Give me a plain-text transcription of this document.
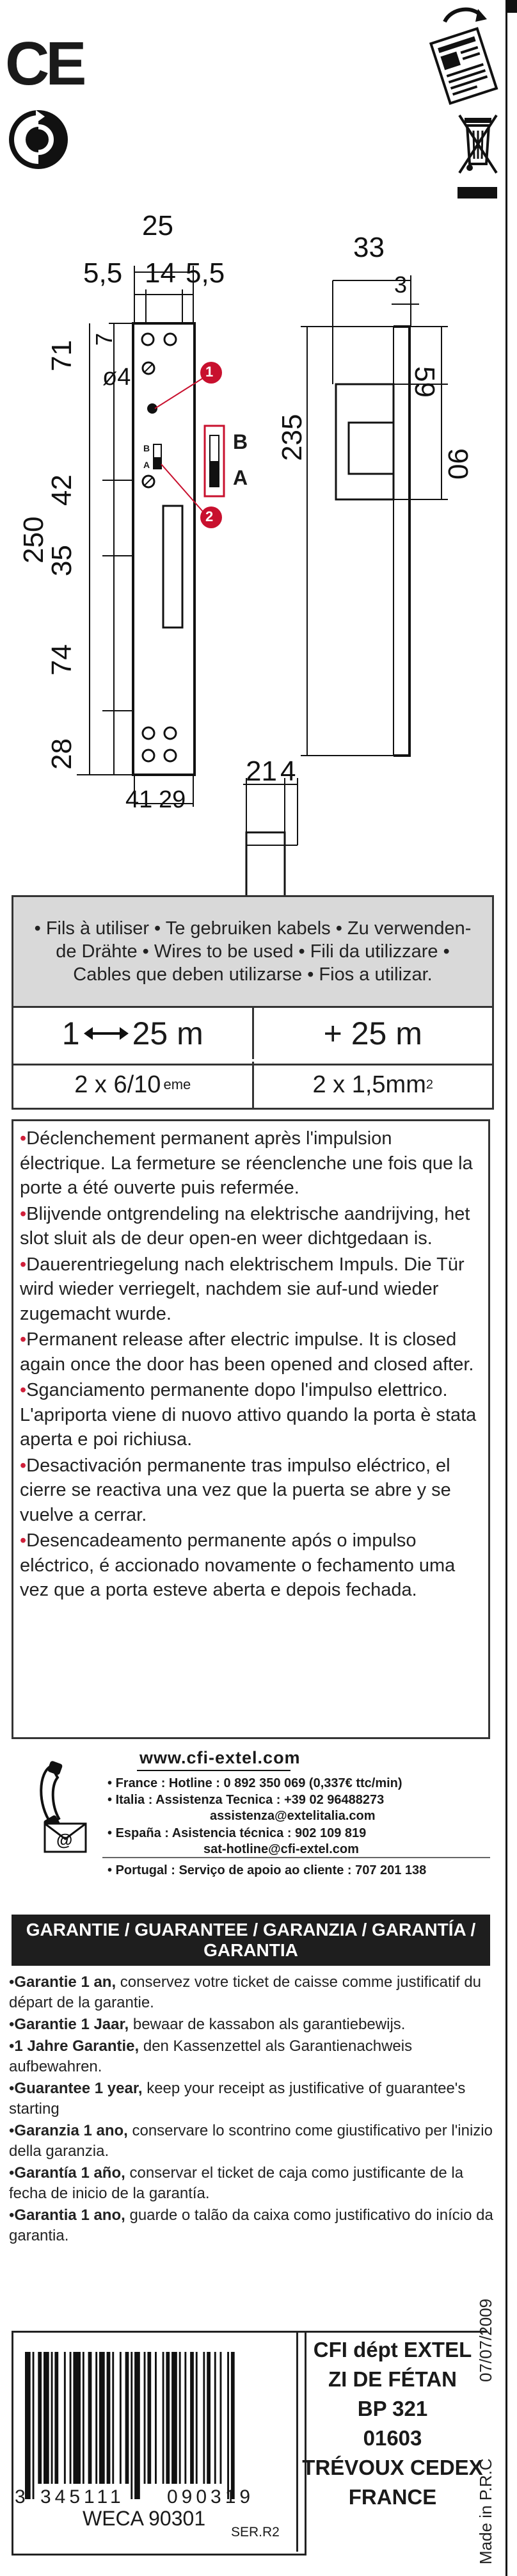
CE
25
5,5 14 5,5
250
71
7
ø4
42
35
74
28
41 29
1
2
B
A
B
A
33
3
235
59
90
21 4
• Fils à utiliser • Te gebruiken kabels • Zu verwenden-de Drähte • Wires to be used • Fili da utilizzare • Cables que deben utilizarse • Fios a utilizar.
1 25 m	+ 25 m
2 x 6/10 eme	2 x 1,5mm 2

•Déclenchement permanent après l'impulsion électrique. La fermeture se réenclenche une fois que la porte a été ouverte puis refermée.

•Blijvende ontgrendeling na elektrische aandrijving, het slot sluit als de deur open-en weer dichtgedaan is.

•Dauerentriegelung nach elektrischem Impuls. Die Tür wird wieder verriegelt, nachdem sie auf-und wieder zugemacht wurde.

•Permanent release after electric impulse. It is closed again once the door has been opened and closed after.

•Sganciamento permanente dopo l'impulso elettrico. L'apriporta viene di nuovo attivo quando la porta è stata aperta e poi richiusa.

•Desactivación permanente tras impulso eléctrico, el cierre se reactiva una vez que la puerta se abre y se vuelve a cerrar.

•Desencadeamento permanente após o impulso eléctrico, é accionado novamente o fechamento uma vez que a porta esteve aberta e depois fechada.

@
www.cfi-extel.com
• France : Hotline : 0 892 350 069 (0,337€ ttc/min)
• Italia : Assistenza Tecnica : +39 02 96488273
assistenza@extelitalia.com
• España : Asistencia técnica : 902 109 819
sat-hotline@cfi-extel.com
• Portugal : Serviço de apoio ao cliente : 707 201 138
GARANTIE / GUARANTEE / GARANZIA / GARANTÍA / GARANTIA

•Garantie 1 an, conservez votre ticket de caisse comme justificatif du départ de la garantie.

•Garantie 1 Jaar, bewaar de kassabon als garantiebewijs.

•1 Jahre Garantie, den Kassenzettel als Garantienachweis aufbewahren.

•Guarantee 1 year, keep your receipt as justificative of guarantee's starting

•Garanzia 1 ano, conservare lo scontrino come giustificativo per l'inizio della garanzia.

•Garantía 1 año, conservar el ticket de caja como justificante de la fecha de inicio de la garantía.

•Garantia 1 ano, guarde o talão da caixa como justificativo do início da garantia.

3 345111 090319
WECA 90301
SER.R2
CFI dépt EXTEL
ZI DE FÉTAN
BP 321
01603
TRÉVOUX CEDEX
FRANCE
07/07/2009
Made in P.R.C
